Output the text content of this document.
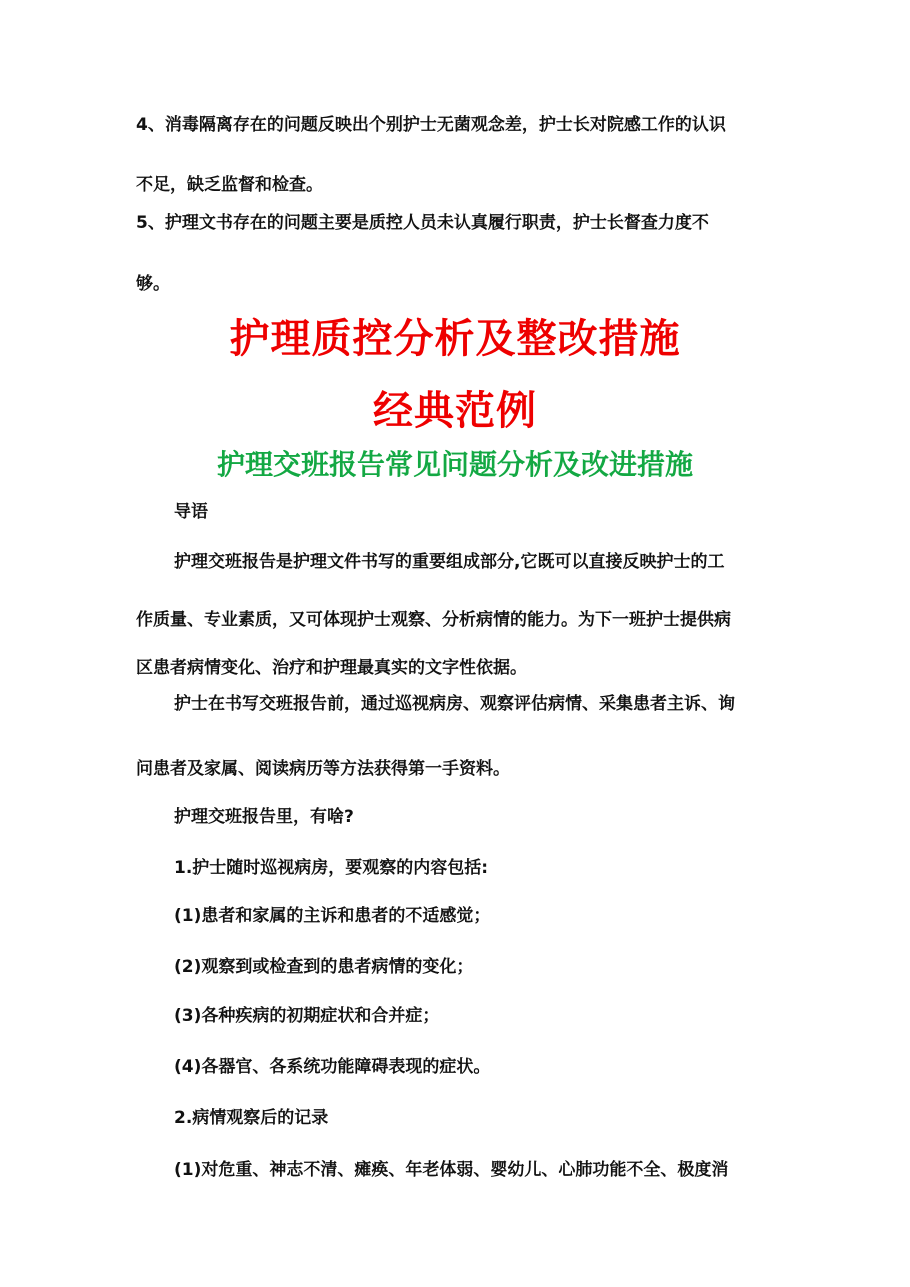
4、消毒隔离存在的问题反映出个别护士无菌观念差，护士长对院感工作的认识
不足，缺乏监督和检查。
5、护理文书存在的问题主要是质控人员未认真履行职责，护士长督查力度不
够。
护理质控分析及整改措施
经典范例
护理交班报告常见问题分析及改进措施
导语
护理交班报告是护理文件书写的重要组成部分,它既可以直接反映护士的工
作质量、专业素质，又可体现护士观察、分析病情的能力。为下一班护士提供病
区患者病情变化、治疗和护理最真实的文字性依据。
护士在书写交班报告前，通过巡视病房、观察评估病情、采集患者主诉、询
问患者及家属、阅读病历等方法获得第一手资料。
护理交班报告里，有啥?
1.护士随时巡视病房，要观察的内容包括:
(1)患者和家属的主诉和患者的不适感觉；
(2)观察到或检查到的患者病情的变化；
(3)各种疾病的初期症状和合并症；
(4)各器官、各系统功能障碍表现的症状。
2.病情观察后的记录
(1)对危重、神志不清、瘫痪、年老体弱、婴幼儿、心肺功能不全、极度消
